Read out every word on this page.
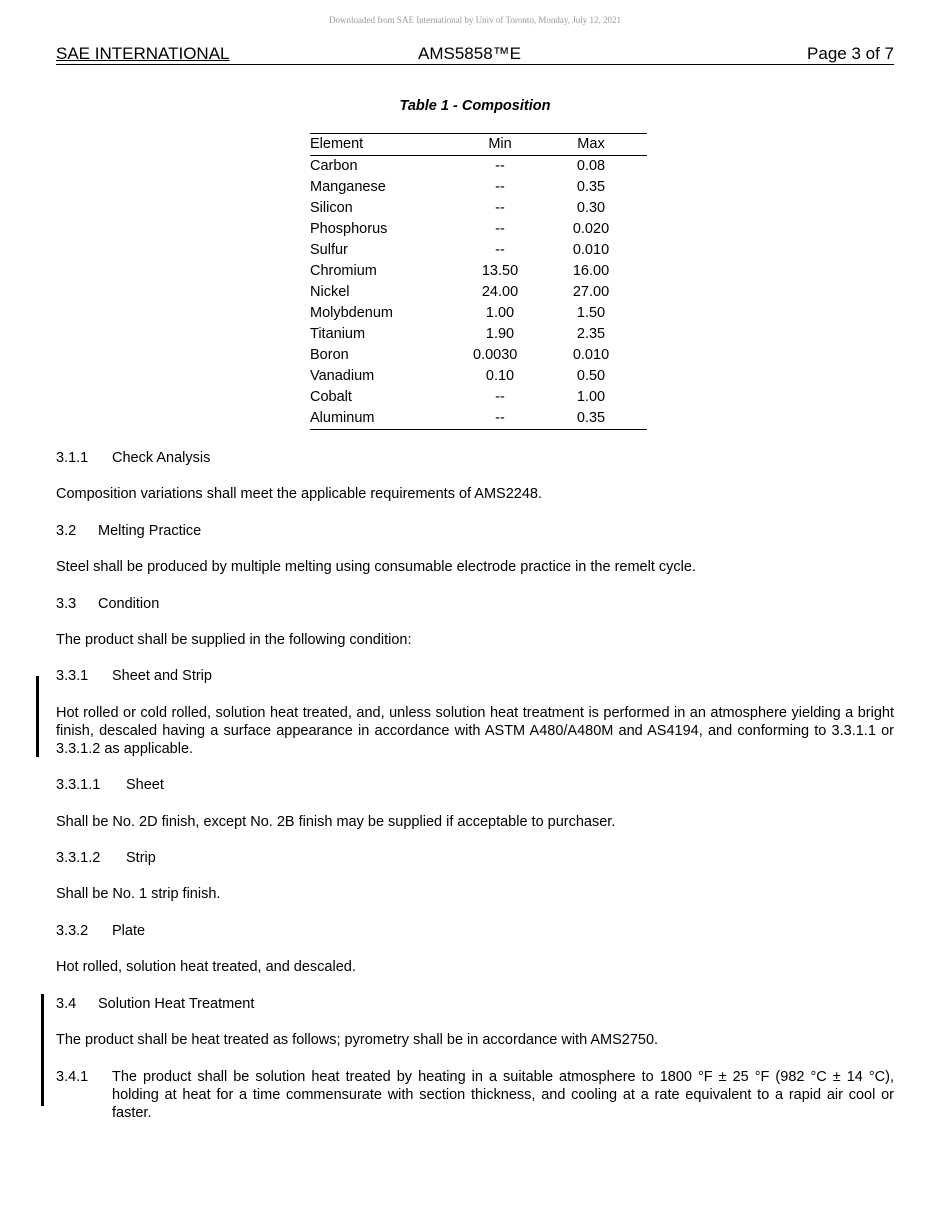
Downloaded from SAE International by Univ of Toronto, Monday, July 12, 2021
SAE INTERNATIONAL	AMS5858™E	Page 3 of 7
Table 1 - Composition
Element	Min	Max
Carbon	--	0.08
Manganese	--	0.35
Silicon	--	0.30
Phosphorus	--	0.020
Sulfur	--	0.010
Chromium	13.50	16.00
Nickel	24.00	27.00
Molybdenum	1.00	1.50
Titanium	1.90	2.35
Boron	0.0030	0.010
Vanadium	0.10	0.50
Cobalt	--	1.00
Aluminum	--	0.35

3.1.1 Check Analysis

Composition variations shall meet the applicable requirements of AMS2248.

3.2 Melting Practice

Steel shall be produced by multiple melting using consumable electrode practice in the remelt cycle.

3.3 Condition

The product shall be supplied in the following condition:

3.3.1 Sheet and Strip

Hot rolled or cold rolled, solution heat treated, and, unless solution heat treatment is performed in an atmosphere yielding a bright finish, descaled having a surface appearance in accordance with ASTM A480/A480M and AS4194, and conforming to 3.3.1.1 or 3.3.1.2 as applicable.

3.3.1.1 Sheet

Shall be No. 2D finish, except No. 2B finish may be supplied if acceptable to purchaser.

3.3.1.2 Strip

Shall be No. 1 strip finish.

3.3.2 Plate

Hot rolled, solution heat treated, and descaled.

3.4 Solution Heat Treatment

The product shall be heat treated as follows; pyrometry shall be in accordance with AMS2750.

3.4.1 The product shall be solution heat treated by heating in a suitable atmosphere to 1800 °F ± 25 °F (982 °C ± 14 °C), holding at heat for a time commensurate with section thickness, and cooling at a rate equivalent to a rapid air cool or faster.
